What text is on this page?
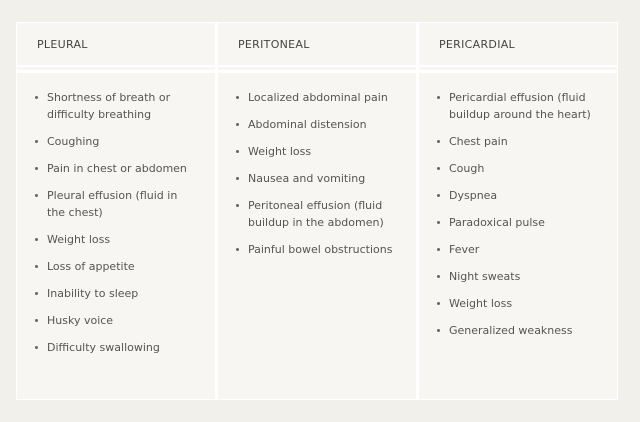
PLEURAL
Shortness of breath or difficulty breathing
Coughing
Pain in chest or abdomen
Pleural effusion (fluid in the chest)
Weight loss
Loss of appetite
Inability to sleep
Husky voice
Difficulty swallowing
PERITONEAL
Localized abdominal pain
Abdominal distension
Weight loss
Nausea and vomiting
Peritoneal effusion (fluid buildup in the abdomen)
Painful bowel obstructions
PERICARDIAL
Pericardial effusion (fluid buildup around the heart)
Chest pain
Cough
Dyspnea
Paradoxical pulse
Fever
Night sweats
Weight loss
Generalized weakness
